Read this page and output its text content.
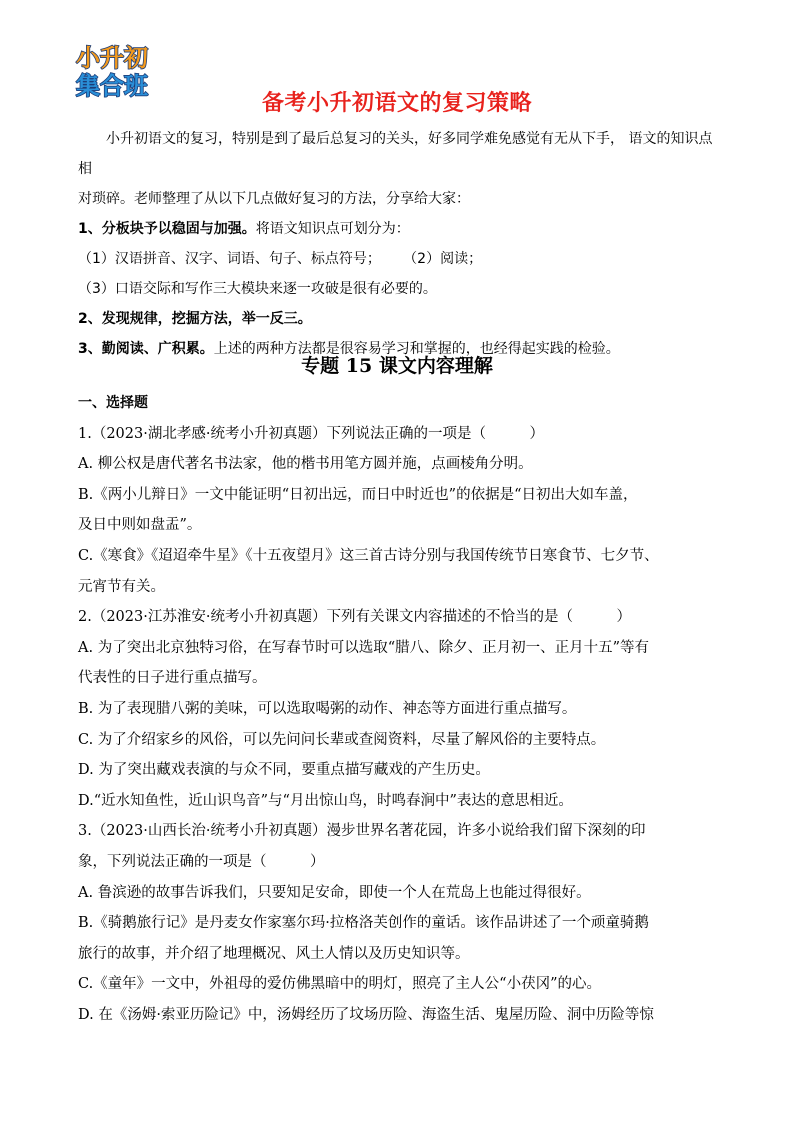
小升初
集合班
备考小升初语文的复习策略

小升初语文的复习，特别是到了最后总复习的关头，好多同学难免感觉有无从下手， 语文的知识点相

对琐碎。老师整理了从以下几点做好复习的方法，分享给大家：

1、分板块予以稳固与加强。将语文知识点可划分为：

（1）汉语拼音、汉字、词语、句子、标点符号； （2）阅读；

（3）口语交际和写作三大模块来逐一攻破是很有必要的。

2、发现规律，挖掘方法，举一反三。

3、勤阅读、广积累。上述的两种方法都是很容易学习和掌握的，也经得起实践的检验。

专题 15 课文内容理解

一、选择题

1.（2023·湖北孝感·统考小升初真题）下列说法正确的一项是（　　　）

A. 柳公权是唐代著名书法家，他的楷书用笔方圆并施，点画棱角分明。

B.《两小儿辩日》一文中能证明“日初出远，而日中时近也”的依据是“日初出大如车盖，

及日中则如盘盂”。

C.《寒食》《迢迢牵牛星》《十五夜望月》这三首古诗分别与我国传统节日寒食节、七夕节、

元宵节有关。

2.（2023·江苏淮安·统考小升初真题）下列有关课文内容描述的不恰当的是（　　　）

A. 为了突出北京独特习俗，在写春节时可以选取“腊八、除夕、正月初一、正月十五”等有

代表性的日子进行重点描写。

B. 为了表现腊八粥的美味，可以选取喝粥的动作、神态等方面进行重点描写。

C. 为了介绍家乡的风俗，可以先问问长辈或查阅资料，尽量了解风俗的主要特点。

D. 为了突出藏戏表演的与众不同，要重点描写藏戏的产生历史。

D.“近水知鱼性，近山识鸟音”与“月出惊山鸟，时鸣春涧中”表达的意思相近。

3.（2023·山西长治·统考小升初真题）漫步世界名著花园，许多小说给我们留下深刻的印

象，下列说法正确的一项是（　　　）

A. 鲁滨逊的故事告诉我们，只要知足安命，即使一个人在荒岛上也能过得很好。

B.《骑鹅旅行记》是丹麦女作家塞尔玛·拉格洛芙创作的童话。该作品讲述了一个顽童骑鹅

旅行的故事，并介绍了地理概况、风土人情以及历史知识等。

C.《童年》一文中，外祖母的爱仿佛黑暗中的明灯，照亮了主人公“小茯冈”的心。

D. 在《汤姆·索亚历险记》中，汤姆经历了坟场历险、海盗生活、鬼屋历险、洞中历险等惊
